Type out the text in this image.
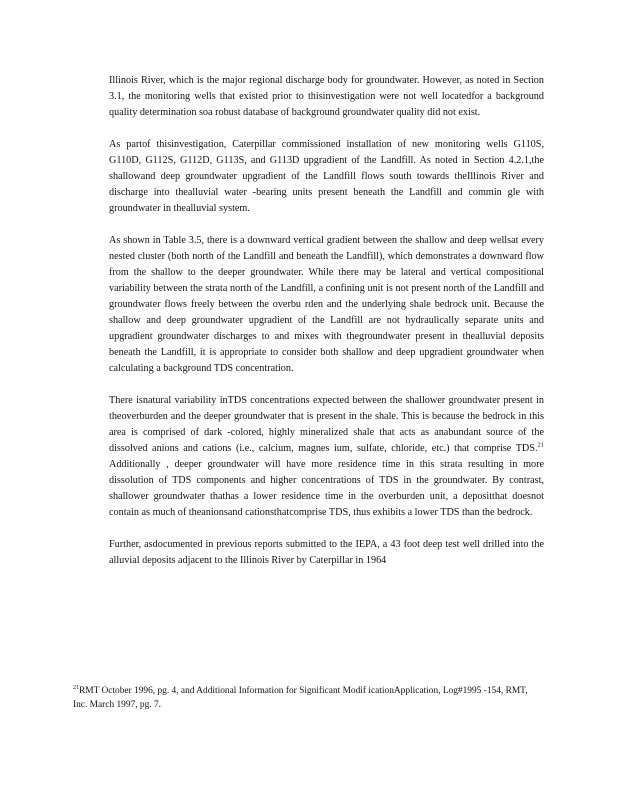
Illinois River, which is the major regional discharge body for groundwater. However, as noted in Section 3.1, the monitoring wells that existed prior to thisinvestigation were not well locatedfor a background quality determination soa robust database of background groundwater quality did not exist.

As partof thisinvestigation, Caterpillar commissioned installation of new monitoring wells G110S, G110D, G112S, G112D, G113S, and G113D upgradient of the Landfill. As noted in Section 4.2.1,the shallowand deep groundwater upgradient of the Landfill flows south towards theIllinois River and discharge into thealluvial water -bearing units present beneath the Landfill and commin gle with groundwater in thealluvial system.

As shown in Table 3.5, there is a downward vertical gradient between the shallow and deep wellsat every nested cluster (both north of the Landfill and beneath the Landfill), which demonstrates a downward flow from the shallow to the deeper groundwater. While there may be lateral and vertical compositional variability between the strata north of the Landfill, a confining unit is not present north of the Landfill and groundwater flows freely between the overbu rden and the underlying shale bedrock unit. Because the shallow and deep groundwater upgradient of the Landfill are not hydraulically separate units and upgradient groundwater discharges to and mixes with thegroundwater present in thealluvial deposits beneath the Landfill, it is appropriate to consider both shallow and deep upgradient groundwater when calculating a background TDS concentration.

There isnatural variability inTDS concentrations expected between the shallower groundwater present in theoverburden and the deeper groundwater that is present in the shale. This is because the bedrock in this area is comprised of dark -colored, highly mineralized shale that acts as anabundant source of the dissolved anions and cations (i.e., calcium, magnes ium, sulfate, chloride, etc.) that comprise TDS.$^{21}$ Additionally , deeper groundwater will have more residence time in this strata resulting in more dissolution of TDS components and higher concentrations of TDS in the groundwater. By contrast, shallower groundwater thathas a lower residence time in the overburden unit, a depositthat doesnot contain as much of theanionsand cationsthatcomprise TDS, thus exhibits a lower TDS than the bedrock.

Further, asdocumented in previous reports submitted to the IEPA, a 43 foot deep test well drilled into the alluvial deposits adjacent to the Illinois River by Caterpillar in 1964

$^{21}$RMT October 1996, pg. 4, and Additional Information for Significant Modif icationApplication, Log#1995 -154, RMT, Inc. March 1997, pg. 7.
